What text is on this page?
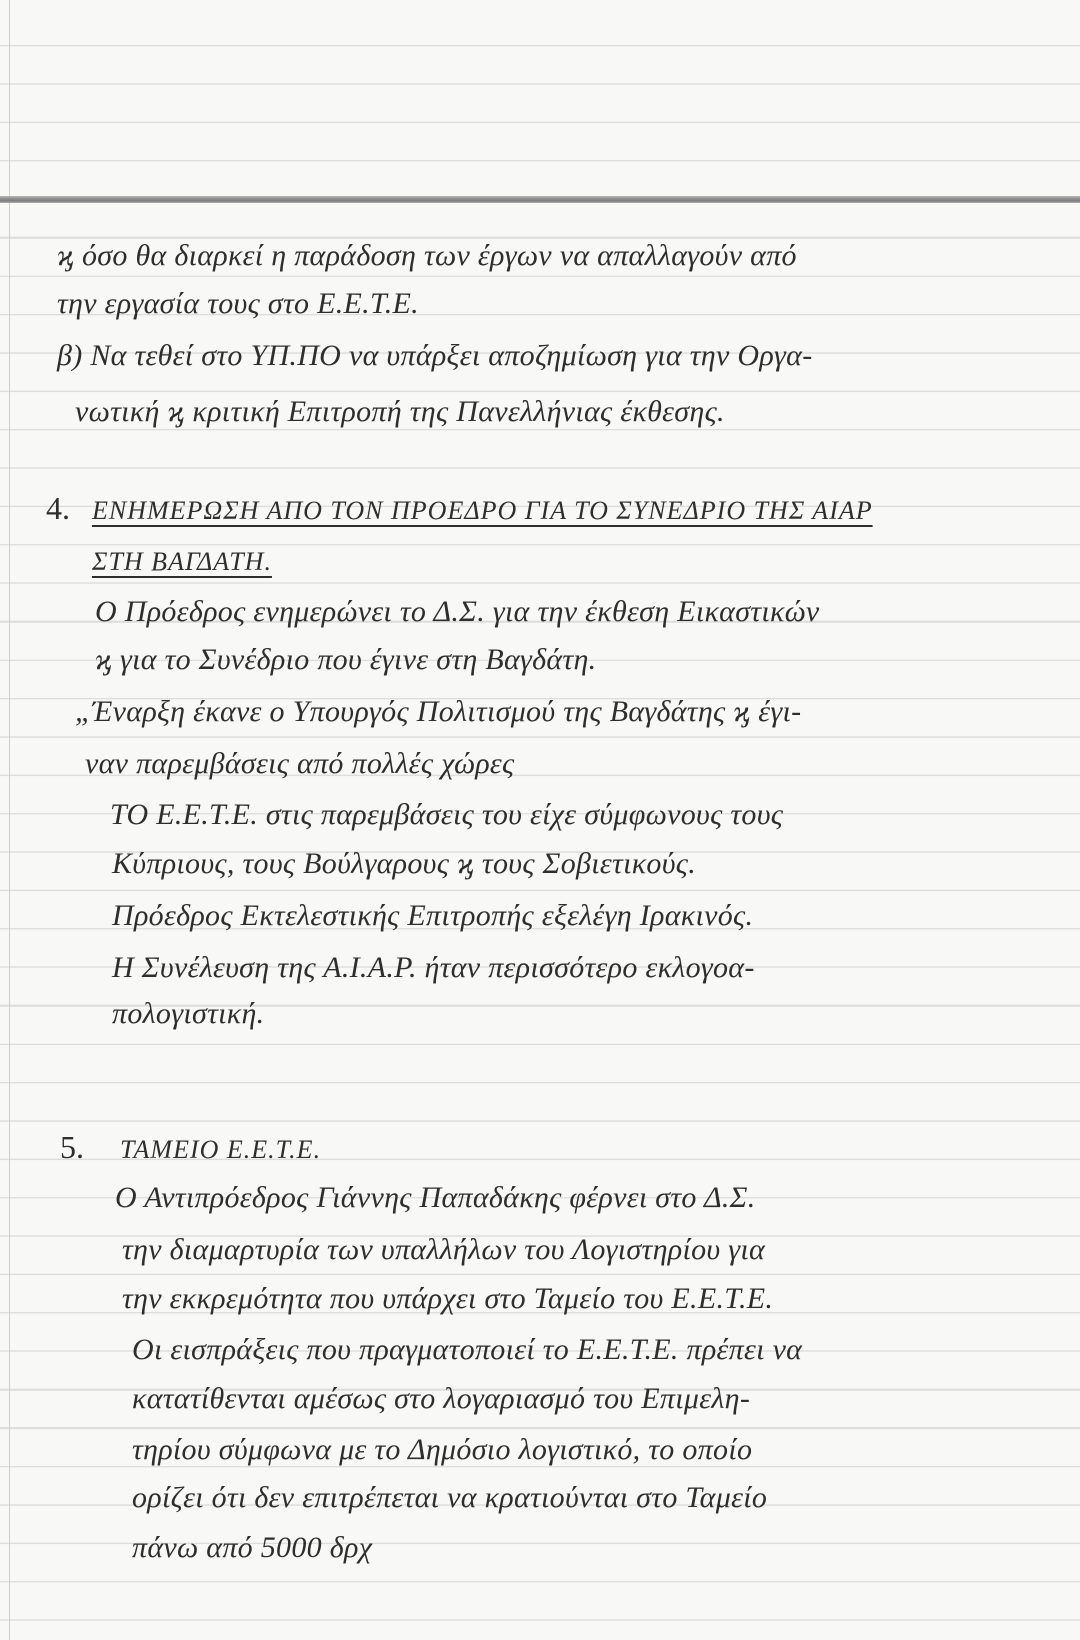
ϗ όσο θα διαρκεί η παράδοση των έργων να απαλλαγούν από
την εργασία τους στο Ε.Ε.Τ.Ε.
β) Να τεθεί στο ΥΠ.ΠΟ να υπάρξει αποζημίωση για την Οργα-
νωτική ϗ κριτική Επιτροπή της Πανελλήνιας έκθεσης.
4. ΕΝΗΜΕΡΩΣΗ ΑΠΟ ΤΟΝ ΠΡΟΕΔΡΟ ΓΙΑ ΤΟ ΣΥΝΕΔΡΙΟ ΤΗΣ ΑΙΑΡ
ΣΤΗ ΒΑΓΔΑΤΗ.
Ο Πρόεδρος ενημερώνει το Δ.Σ. για την έκθεση Εικαστικών
ϗ για το Συνέδριο που έγινε στη Βαγδάτη.
„Έναρξη έκανε ο Υπουργός Πολιτισμού της Βαγδάτης ϗ έγι-
ναν παρεμβάσεις από πολλές χώρες
ΤΟ Ε.Ε.Τ.Ε. στις παρεμβάσεις του είχε σύμφωνους τους
Κύπριους, τους Βούλγαρους ϗ τους Σοβιετικούς.
Πρόεδρος Εκτελεστικής Επιτροπής εξελέγη Ιρακινός.
Η Συνέλευση της Α.Ι.Α.Ρ. ήταν περισσότερο εκλογοα-
πολογιστική.
5. ΤΑΜΕΙΟ Ε.Ε.Τ.Ε.
Ο Αντιπρόεδρος Γιάννης Παπαδάκης φέρνει στο Δ.Σ.
την διαμαρτυρία των υπαλλήλων του Λογιστηρίου για
την εκκρεμότητα που υπάρχει στο Ταμείο του Ε.Ε.Τ.Ε.
Οι εισπράξεις που πραγματοποιεί το Ε.Ε.Τ.Ε. πρέπει να
κατατίθενται αμέσως στο λογαριασμό του Επιμελη-
τηρίου σύμφωνα με το Δημόσιο λογιστικό, το οποίο
ορίζει ότι δεν επιτρέπεται να κρατιούνται στο Ταμείο
πάνω από 5000 δρχ
